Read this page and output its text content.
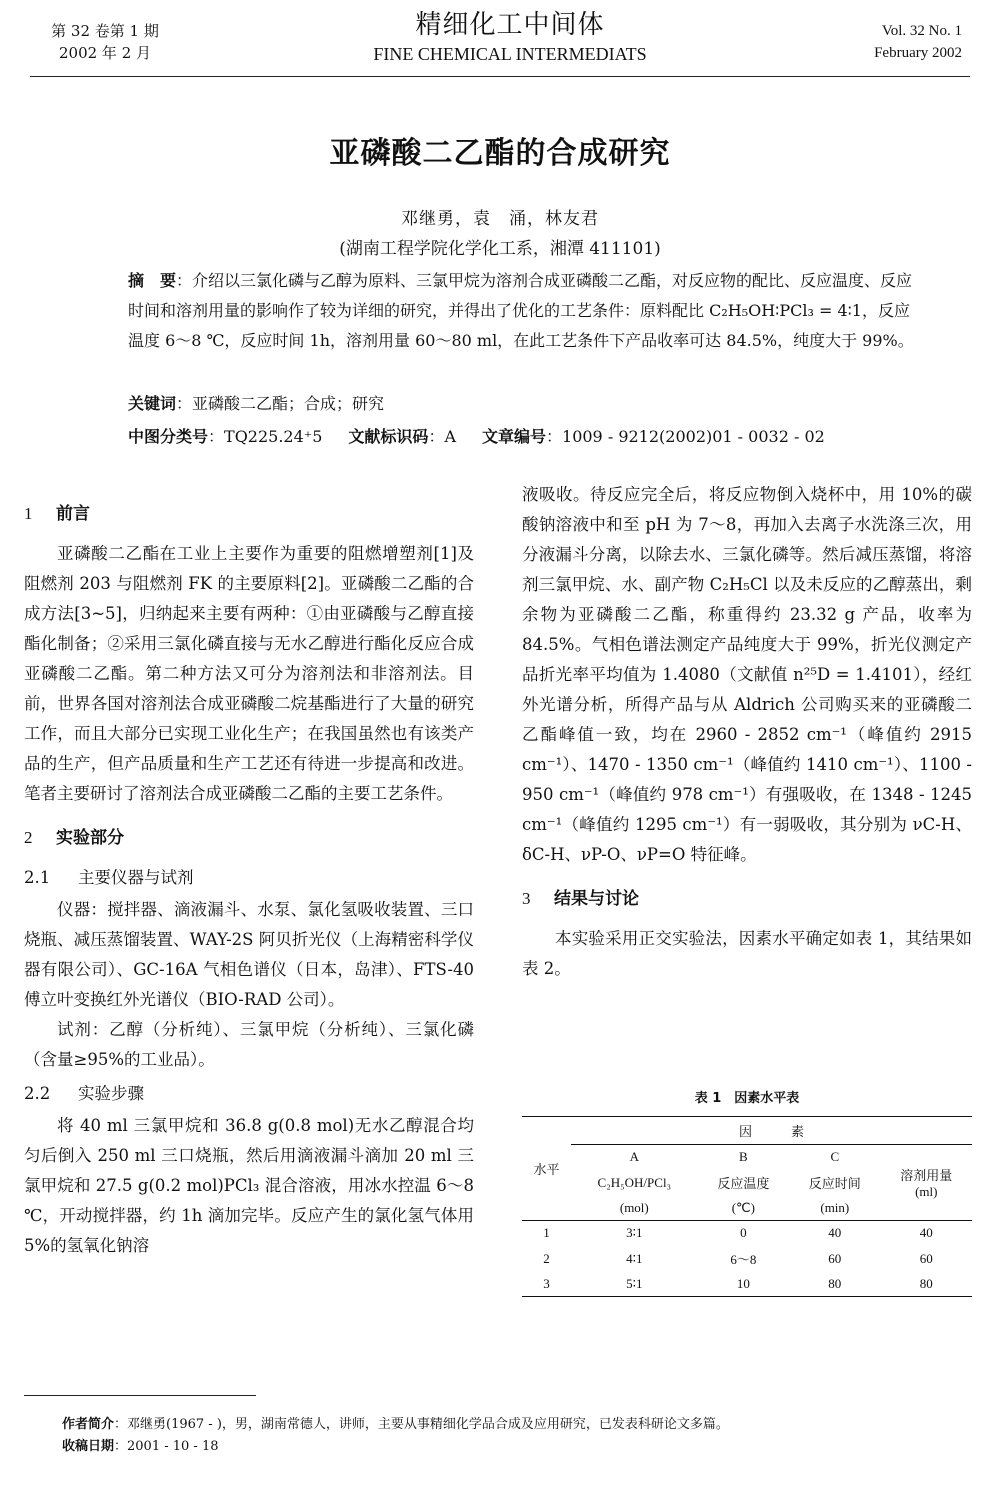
第 32 卷第 1 期
2002 年 2 月
精细化工中间体
FINE CHEMICAL INTERMEDIATS
Vol. 32 No. 1
February 2002
亚磷酸二乙酯的合成研究
邓继勇，袁　涌，林友君
(湖南工程学院化学化工系，湘潭 411101)
摘　要：介绍以三氯化磷与乙醇为原料、三氯甲烷为溶剂合成亚磷酸二乙酯，对反应物的配比、反应温度、反应时间和溶剂用量的影响作了较为详细的研究，并得出了优化的工艺条件：原料配比 C₂H₅OH∶PCl₃ = 4∶1，反应温度 6～8 ℃，反应时间 1h，溶剂用量 60～80 ml，在此工艺条件下产品收率可达 84.5%，纯度大于 99%。
关键词：亚磷酸二乙酯；合成；研究
中图分类号：TQ225.24⁺5 文献标识码：A 文章编号：1009 - 9212(2002)01 - 0032 - 02
1 前言

亚磷酸二乙酯在工业上主要作为重要的阻燃增塑剂[1]及阻燃剂 203 与阻燃剂 FK 的主要原料[2]。亚磷酸二乙酯的合成方法[3~5]，归纳起来主要有两种：①由亚磷酸与乙醇直接酯化制备；②采用三氯化磷直接与无水乙醇进行酯化反应合成亚磷酸二乙酯。第二种方法又可分为溶剂法和非溶剂法。目前，世界各国对溶剂法合成亚磷酸二烷基酯进行了大量的研究工作，而且大部分已实现工业化生产；在我国虽然也有该类产品的生产，但产品质量和生产工艺还有待进一步提高和改进。笔者主要研讨了溶剂法合成亚磷酸二乙酯的主要工艺条件。

2 实验部分
2.1 主要仪器与试剂

仪器：搅拌器、滴液漏斗、水泵、氯化氢吸收装置、三口烧瓶、减压蒸馏装置、WAY-2S 阿贝折光仪（上海精密科学仪器有限公司）、GC-16A 气相色谱仪（日本，岛津）、FTS-40 傅立叶变换红外光谱仪（BIO-RAD 公司）。

试剂：乙醇（分析纯）、三氯甲烷（分析纯）、三氯化磷（含量≥95%的工业品）。

2.2 实验步骤

将 40 ml 三氯甲烷和 36.8 g(0.8 mol)无水乙醇混合均匀后倒入 250 ml 三口烧瓶，然后用滴液漏斗滴加 20 ml 三氯甲烷和 27.5 g(0.2 mol)PCl₃ 混合溶液，用冰水控温 6～8 ℃，开动搅拌器，约 1h 滴加完毕。反应产生的氯化氢气体用 5%的氢氧化钠溶

液吸收。待反应完全后，将反应物倒入烧杯中，用 10%的碳酸钠溶液中和至 pH 为 7～8，再加入去离子水洗涤三次，用分液漏斗分离，以除去水、三氯化磷等。然后减压蒸馏，将溶剂三氯甲烷、水、副产物 C₂H₅Cl 以及未反应的乙醇蒸出，剩余物为亚磷酸二乙酯，称重得约 23.32 g 产品，收率为 84.5%。气相色谱法测定产品纯度大于 99%，折光仪测定产品折光率平均值为 1.4080（文献值 n²⁵D = 1.4101），经红外光谱分析，所得产品与从 Aldrich 公司购买来的亚磷酸二乙酯峰值一致，均在 2960 - 2852 cm⁻¹（峰值约 2915 cm⁻¹）、1470 - 1350 cm⁻¹（峰值约 1410 cm⁻¹）、1100 - 950 cm⁻¹（峰值约 978 cm⁻¹）有强吸收，在 1348 - 1245 cm⁻¹（峰值约 1295 cm⁻¹）有一弱吸收，其分别为 νC-H、δC-H、νP-O、νP=O 特征峰。

3 结果与讨论

本实验采用正交实验法，因素水平确定如表 1，其结果如表 2。

表 1　因素水平表
水平	因　　　素			
	A	B	C	溶剂用量
(ml)
	C₂H₅OH/PCl₃	反应温度	反应时间	
	(mol)	(℃)	(min)	
1	3∶1	0	40	40
2	4∶1	6～8	60	60
3	5∶1	10	80	80
作者简介：邓继勇(1967 - )，男，湖南常德人，讲师，主要从事精细化学品合成及应用研究，已发表科研论文多篇。
收稿日期：2001 - 10 - 18
